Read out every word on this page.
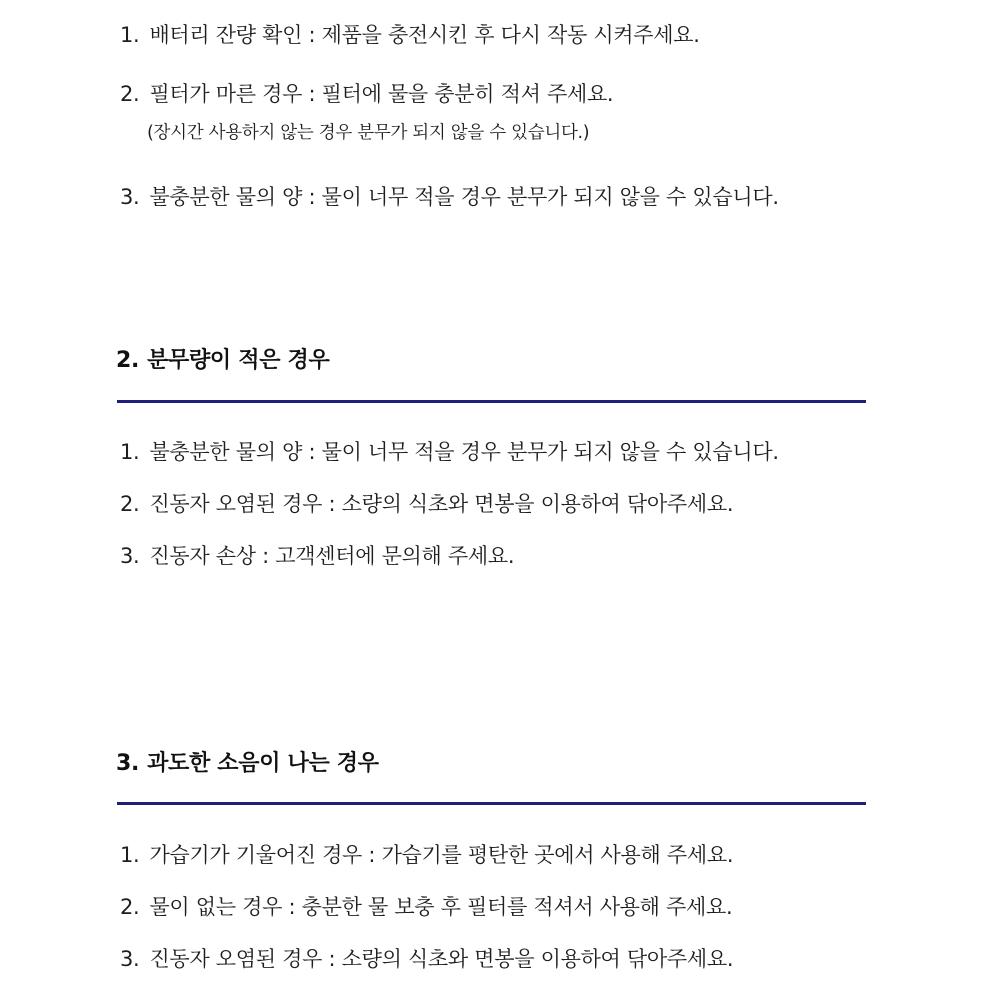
1. 배터리 잔량 확인 : 제품을 충전시킨 후 다시 작동 시켜주세요.
2. 필터가 마른 경우 : 필터에 물을 충분히 적셔 주세요.
(장시간 사용하지 않는 경우 분무가 되지 않을 수 있습니다.)
3. 불충분한 물의 양 : 물이 너무 적을 경우 분무가 되지 않을 수 있습니다.
2. 분무량이 적은 경우
1. 불충분한 물의 양 : 물이 너무 적을 경우 분무가 되지 않을 수 있습니다.
2. 진동자 오염된 경우 : 소량의 식초와 면봉을 이용하여 닦아주세요.
3. 진동자 손상 : 고객센터에 문의해 주세요.
3. 과도한 소음이 나는 경우
1. 가습기가 기울어진 경우 : 가습기를 평탄한 곳에서 사용해 주세요.
2. 물이 없는 경우 : 충분한 물 보충 후 필터를 적셔서 사용해 주세요.
3. 진동자 오염된 경우 : 소량의 식초와 면봉을 이용하여 닦아주세요.
